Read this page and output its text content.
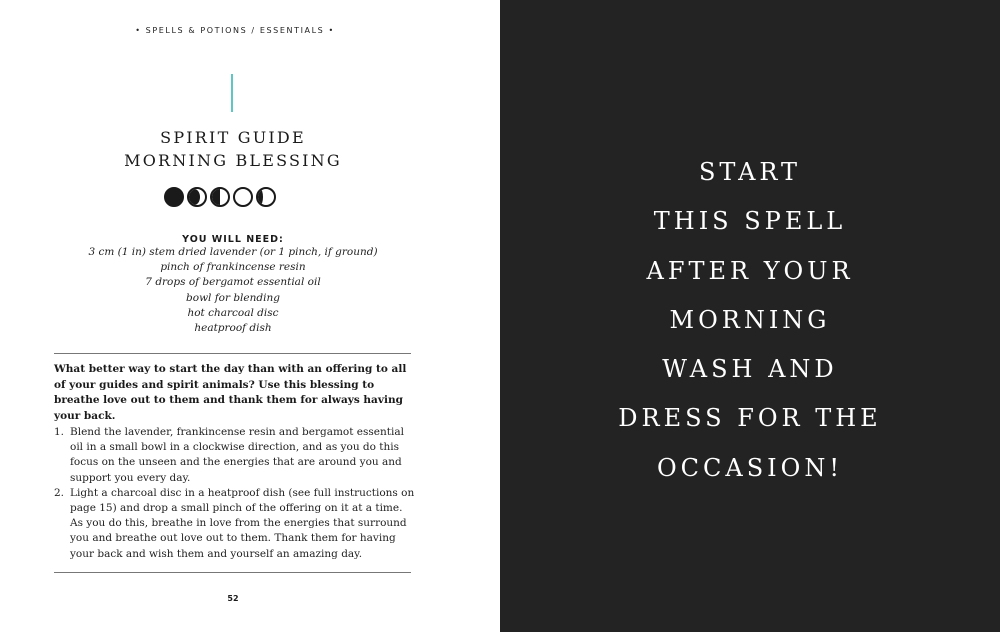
• SPELLS & POTIONS / ESSENTIALS •
SPIRIT GUIDE
MORNING BLESSING
YOU WILL NEED:
3 cm (1 in) stem dried lavender (or 1 pinch, if ground)
pinch of frankincense resin
7 drops of bergamot essential oil
bowl for blending
hot charcoal disc
heatproof dish
What better way to start the day than with an offering to all of your guides and spirit animals? Use this blessing to breathe love out to them and thank them for always having your back.
1. Blend the lavender, frankincense resin and bergamot essential oil in a small bowl in a clockwise direction, and as you do this focus on the unseen and the energies that are around you and support you every day.
2. Light a charcoal disc in a heatproof dish (see full instructions on page 15) and drop a small pinch of the offering on it at a time. As you do this, breathe in love from the energies that surround you and breathe out love out to them. Thank them for having your back and wish them and yourself an amazing day.
52
START
THIS SPELL
AFTER YOUR
MORNING
WASH AND
DRESS FOR THE
OCCASION!
